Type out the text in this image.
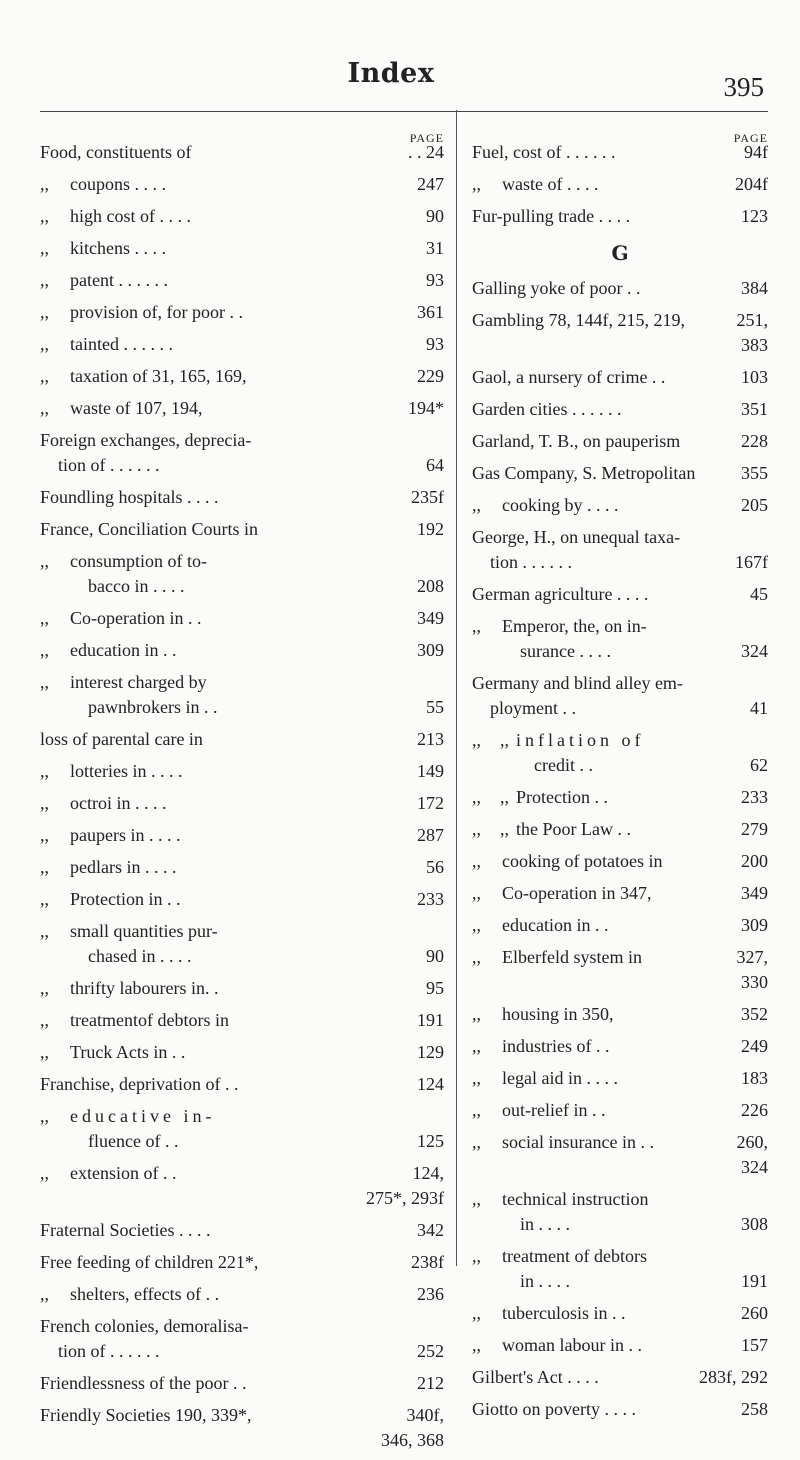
Index	395
PAGE
Food, constituents of	. . 24
,, coupons . . . .	247
,, high cost of . . . .	90
,, kitchens . . . .	31
,, patent . . . . . .	93
,, provision of, for poor . .	361
,, tainted . . . . . .	93
,, taxation of 31, 165, 169,	229
,, waste of 107, 194,	194*
Foreign exchanges, deprecia-
tion of . . . . . .	64
Foundling hospitals . . . .	235f
France, Conciliation Courts in	192
,, consumption of to-
bacco in . . . .	208
,, Co-operation in . .	349
,, education in . .	309
,, interest charged by
pawnbrokers in . .	55
loss of parental care in	213
,, lotteries in . . . .	149
,, octroi in . . . .	172
,, paupers in . . . .	287
,, pedlars in . . . .	56
,, Protection in . .	233
,, small quantities pur-
chased in . . . .	90
,, thrifty labourers in. .	95
,, treatmentof debtors in	191
,, Truck Acts in . .	129
Franchise, deprivation of . .	124
,, educative in-
fluence of . .	125
,, extension of . .	124,
275*, 293f
Fraternal Societies . . . .	342
Free feeding of children 221*,	238f
,, shelters, effects of . .	236
French colonies, demoralisa-
tion of . . . . . .	252
Friendlessness of the poor . .	212
Friendly Societies 190, 339*,	340f,
346, 368
PAGE
Fuel, cost of . . . . . .	94f
,, waste of . . . .	204f
Fur-pulling trade . . . .	123
G
Galling yoke of poor . .	384
Gambling 78, 144f, 215, 219,	251,
383
Gaol, a nursery of crime . .	103
Garden cities . . . . . .	351
Garland, T. B., on pauperism	228
Gas Company, S. Metropolitan	355
,, cooking by . . . .	205
George, H., on unequal taxa-
tion . . . . . .	167f
German agriculture . . . .	45
,, Emperor, the, on in-
surance . . . .	324
Germany and blind alley em-
ployment . .	41
,, ,, inflation of
credit . .	62
,, ,, Protection . .	233
,, ,, the Poor Law . .	279
,, cooking of potatoes in	200
,, Co-operation in 347,	349
,, education in . .	309
,, Elberfeld system in	327,
330
,, housing in 350,	352
,, industries of . .	249
,, legal aid in . . . .	183
,, out-relief in . .	226
,, social insurance in . .	260,
324
,, technical instruction
in . . . .	308
,, treatment of debtors
in . . . .	191
,, tuberculosis in . .	260
,, woman labour in . .	157
Gilbert's Act . . . .	283f, 292
Giotto on poverty . . . .	258
